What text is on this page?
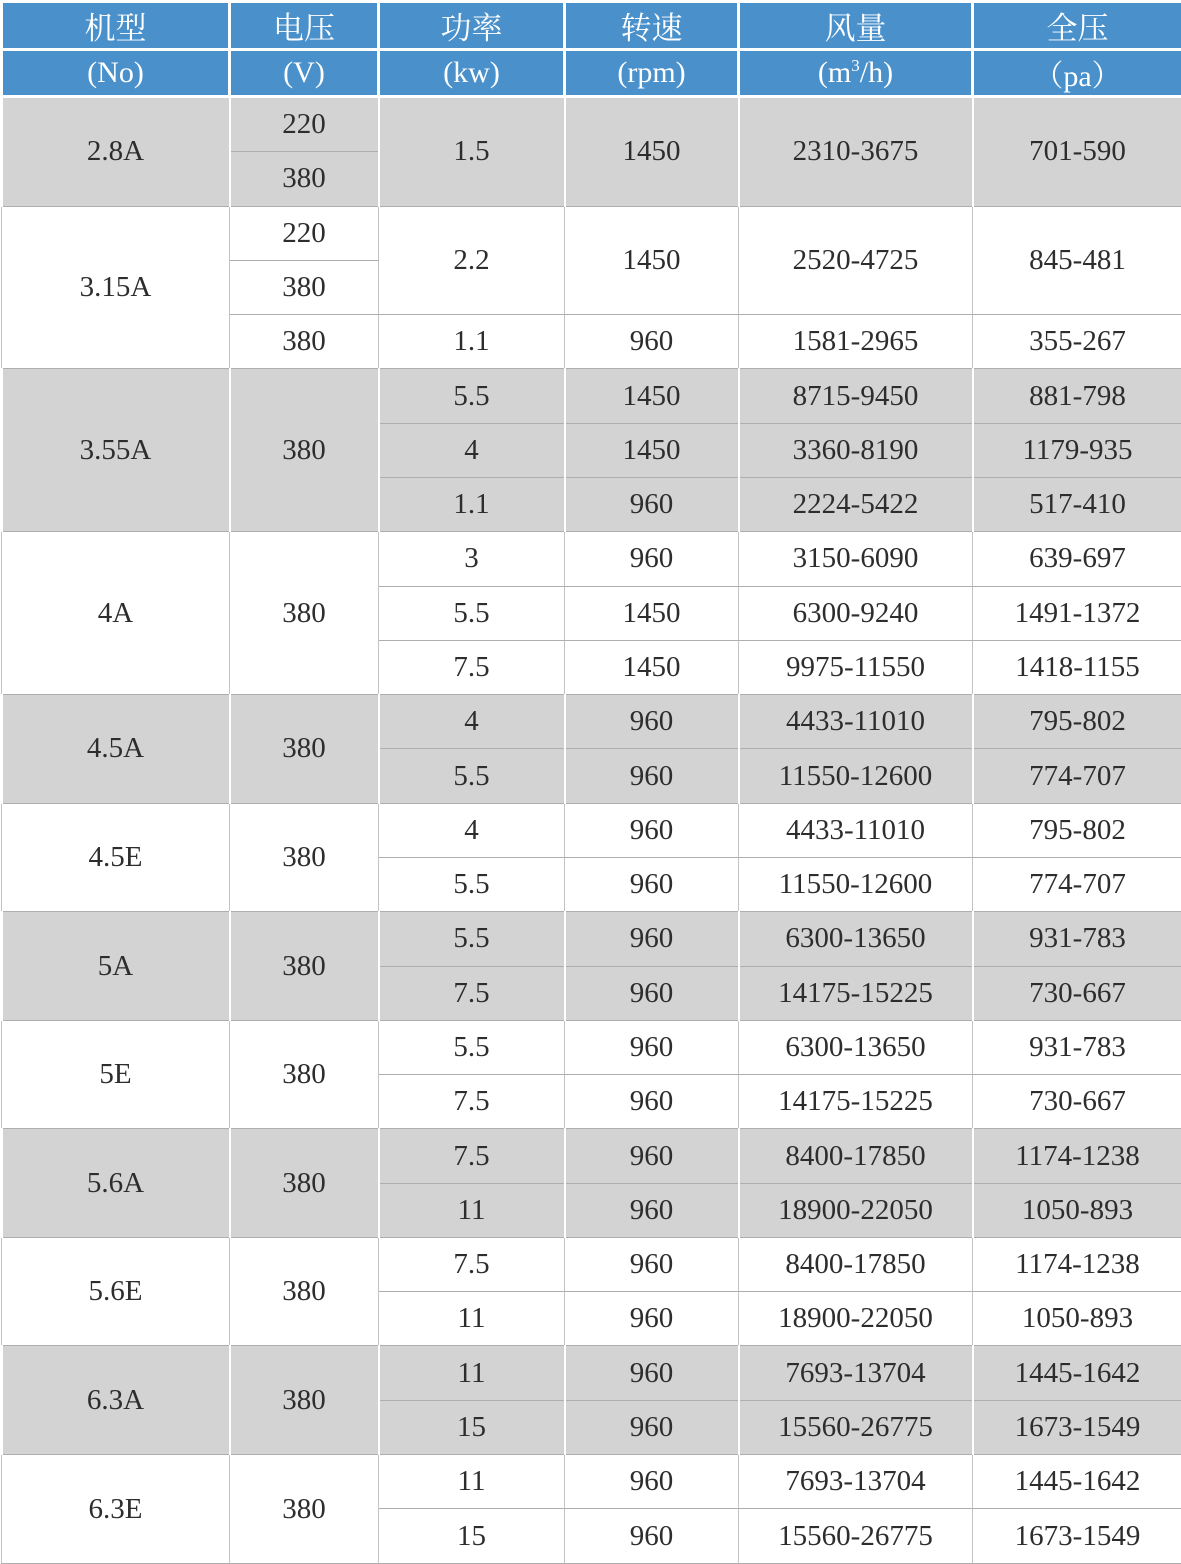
机型	电压	功率	转速	风量	全压
(No)	(V)	(kw)	(rpm)	$(m^3/h)$	（pa）
2.8A	220	1.5	1450	2310-3675	701-590
	380				
3.15A	220	2.2	1450	2520-4725	845-481
	380				
	380	1.1	960	1581-2965	355-267
3.55A	380	5.5	1450	8715-9450	881-798
		4	1450	3360-8190	1179-935
		1.1	960	2224-5422	517-410
4A	380	3	960	3150-6090	639-697
		5.5	1450	6300-9240	1491-1372
		7.5	1450	9975-11550	1418-1155
4.5A	380	4	960	4433-11010	795-802
		5.5	960	11550-12600	774-707
4.5E	380	4	960	4433-11010	795-802
		5.5	960	11550-12600	774-707
5A	380	5.5	960	6300-13650	931-783
		7.5	960	14175-15225	730-667
5E	380	5.5	960	6300-13650	931-783
		7.5	960	14175-15225	730-667
5.6A	380	7.5	960	8400-17850	1174-1238
		11	960	18900-22050	1050-893
5.6E	380	7.5	960	8400-17850	1174-1238
		11	960	18900-22050	1050-893
6.3A	380	11	960	7693-13704	1445-1642
		15	960	15560-26775	1673-1549
6.3E	380	11	960	7693-13704	1445-1642
		15	960	15560-26775	1673-1549
